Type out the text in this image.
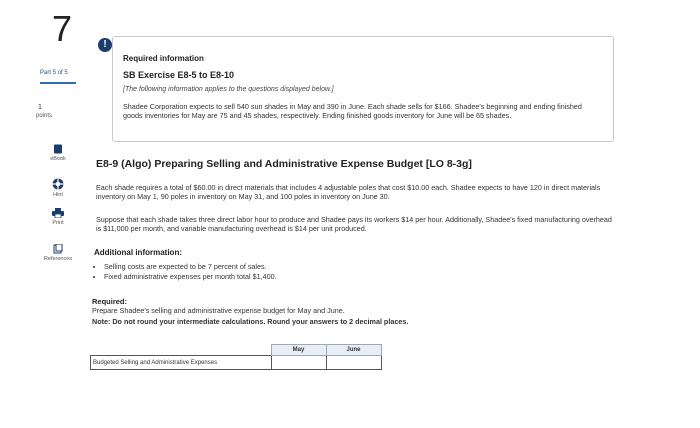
7
Part 5 of 5
1
points
eBook
Hint
Print
References
!
Required information
SB Exercise E8-5 to E8-10
[The following information applies to the questions displayed below.]
Shadee Corporation expects to sell 540 sun shades in May and 390 in June. Each shade sells for $166. Shadee's beginning and ending finished goods inventories for May are 75 and 45 shades, respectively. Ending finished goods inventory for June will be 65 shades.
E8-9 (Algo) Preparing Selling and Administrative Expense Budget [LO 8-3g]
Each shade requires a total of $60.00 in direct materials that includes 4 adjustable poles that cost $10.00 each. Shadee expects to have 120 in direct materials inventory on May 1, 90 poles in inventory on May 31, and 100 poles in inventory on June 30.
Suppose that each shade takes three direct labor hour to produce and Shadee pays its workers $14 per hour. Additionally, Shadee's fixed manufacturing overhead is $11,000 per month, and variable manufacturing overhead is $14 per unit produced.
Additional information:
• Selling costs are expected to be 7 percent of sales.
• Fixed administrative expenses per month total $1,400.
Required:
Prepare Shadee's selling and administrative expense budget for May and June.
Note: Do not round your intermediate calculations. Round your answers to 2 decimal places.
	May	June
Budgeted Selling and Administrative Expenses		
